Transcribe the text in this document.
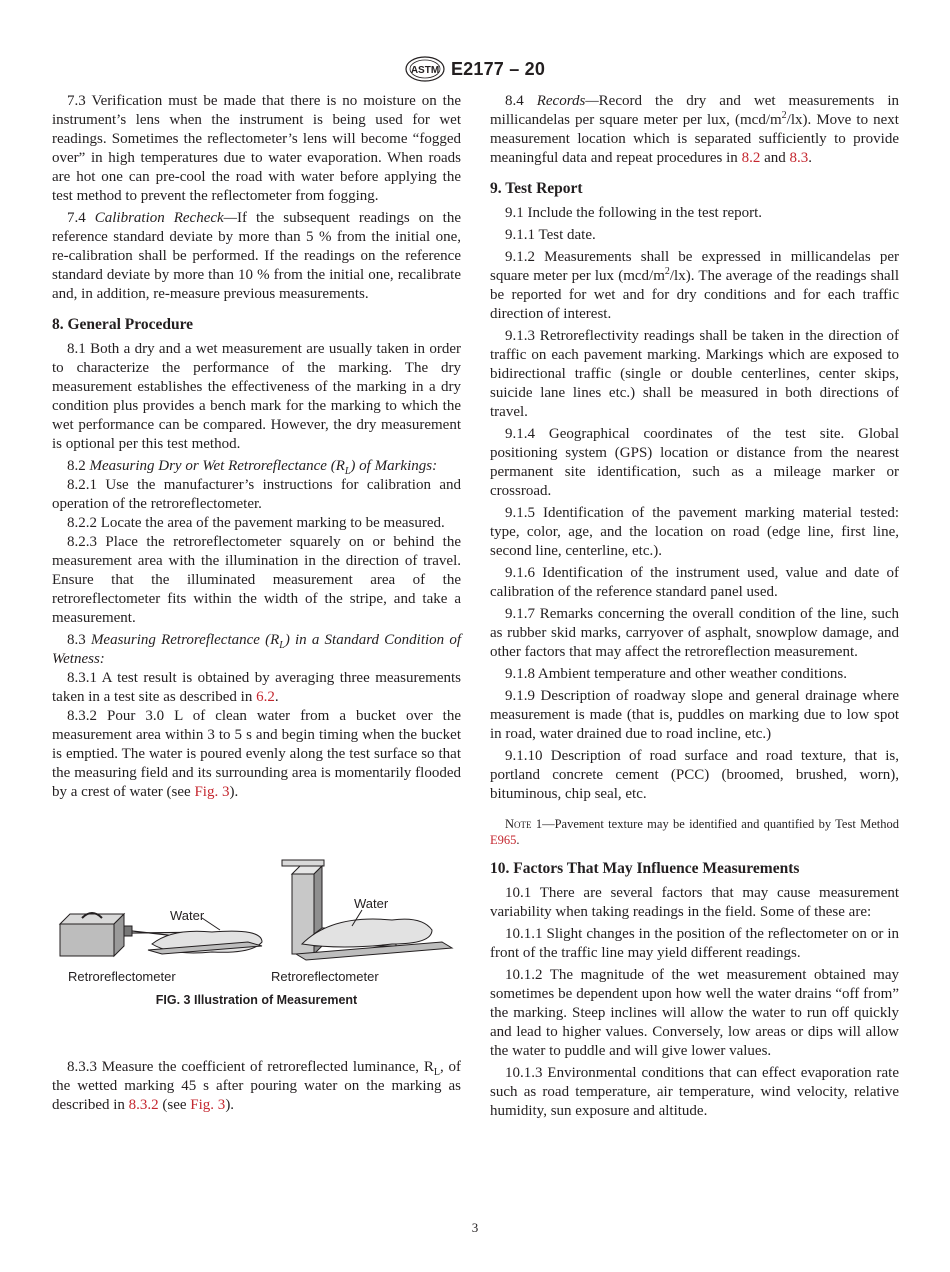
ASTM E2177 – 20

7.3 Verification must be made that there is no moisture on the instrument’s lens when the instrument is being used for wet readings. Sometimes the reflectometer’s lens will become “fogged over” in high temperatures due to water evaporation. When roads are hot one can pre-cool the road with water before applying the test method to prevent the reflectometer from fogging.

7.4 Calibration Recheck—If the subsequent readings on the reference standard deviate by more than 5 % from the initial one, re-calibration shall be performed. If the readings on the reference standard deviate by more than 10 % from the initial one, recalibrate and, in addition, re-measure previous measurements.

8. General Procedure

8.1 Both a dry and a wet measurement are usually taken in order to characterize the performance of the marking. The dry measurement establishes the effectiveness of the marking in a dry condition plus provides a bench mark for the marking to which the wet performance can be compared. However, the dry measurement is optional per this test method.

8.2 Measuring Dry or Wet Retroreflectance $(R_L)$ of Markings:

8.2.1 Use the manufacturer’s instructions for calibration and operation of the retroreflectometer.

8.2.2 Locate the area of the pavement marking to be measured.

8.2.3 Place the retroreflectometer squarely on or behind the measurement area with the illumination in the direction of travel. Ensure that the illuminated measurement area of the retroreflectometer fits within the width of the stripe, and take a measurement.

8.3 Measuring Retroreflectance $(R_L)$ in a Standard Condition of Wetness:

8.3.1 A test result is obtained by averaging three measurements taken in a test site as described in 6.2.

8.3.2 Pour 3.0 L of clean water from a bucket over the measurement area within 3 to 5 s and begin timing when the bucket is emptied. The water is poured evenly along the test surface so that the measuring field and its surrounding area is momentarily flooded by a crest of water (see Fig. 3).

Water
Water
Retroreflectometer	Retroreflectometer
FIG. 3 Illustration of Measurement

8.3.3 Measure the coefficient of retroreflected luminance, $R_L$, of the wetted marking 45 s after pouring water on the marking as described in 8.3.2 (see Fig. 3).

8.4 Records—Record the dry and wet measurements in millicandelas per square meter per lux, $(mcd/m^2/lx)$. Move to next measurement location which is separated sufficiently to provide meaningful data and repeat procedures in 8.2 and 8.3.

9. Test Report

9.1 Include the following in the test report.

9.1.1 Test date.

9.1.2 Measurements shall be expressed in millicandelas per square meter per lux $(mcd/m^2/lx)$. The average of the readings shall be reported for wet and for dry conditions and for each traffic direction of interest.

9.1.3 Retroreflectivity readings shall be taken in the direction of traffic on each pavement marking. Markings which are exposed to bidirectional traffic (single or double centerlines, center skips, suicide lane lines etc.) shall be measured in both directions of travel.

9.1.4 Geographical coordinates of the test site. Global positioning system (GPS) location or distance from the nearest permanent site identification, such as a mileage marker or crossroad.

9.1.5 Identification of the pavement marking material tested: type, color, age, and the location on road (edge line, first line, second line, centerline, etc.).

9.1.6 Identification of the instrument used, value and date of calibration of the reference standard panel used.

9.1.7 Remarks concerning the overall condition of the line, such as rubber skid marks, carryover of asphalt, snowplow damage, and other factors that may affect the retroreflection measurement.

9.1.8 Ambient temperature and other weather conditions.

9.1.9 Description of roadway slope and general drainage where measurement is made (that is, puddles on marking due to low spot in road, water drained due to road incline, etc.)

9.1.10 Description of road surface and road texture, that is, portland concrete cement (PCC) (broomed, brushed, worn), bituminous, chip seal, etc.

Note 1—Pavement texture may be identified and quantified by Test Method E965.

10. Factors That May Influence Measurements

10.1 There are several factors that may cause measurement variability when taking readings in the field. Some of these are:

10.1.1 Slight changes in the position of the reflectometer on or in front of the traffic line may yield different readings.

10.1.2 The magnitude of the wet measurement obtained may sometimes be dependent upon how well the water drains “off from” the marking. Steep inclines will allow the water to run off quickly and lead to higher values. Conversely, low areas or dips will allow the water to puddle and will give lower values.

10.1.3 Environmental conditions that can effect evaporation rate such as road temperature, air temperature, wind velocity, relative humidity, sun exposure and altitude.

3
